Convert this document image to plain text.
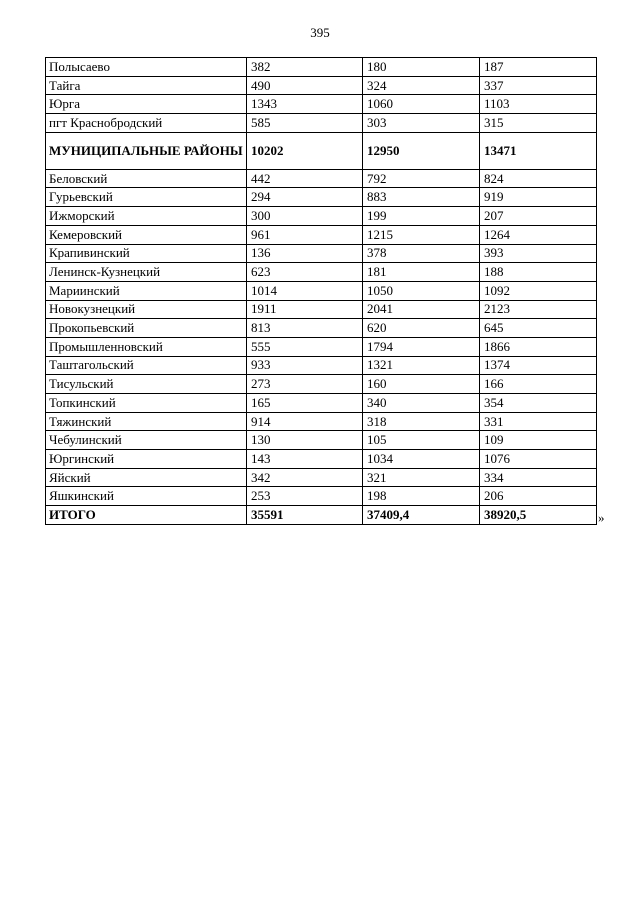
395
Полысаево	382	180	187
Тайга	490	324	337
Юрга	1343	1060	1103
пгт Краснобродский	585	303	315
МУНИЦИПАЛЬНЫЕ РАЙОНЫ	10202	12950	13471
Беловский	442	792	824
Гурьевский	294	883	919
Ижморский	300	199	207
Кемеровский	961	1215	1264
Крапивинский	136	378	393
Ленинск-Кузнецкий	623	181	188
Мариинский	1014	1050	1092
Новокузнецкий	1911	2041	2123
Прокопьевский	813	620	645
Промышленновский	555	1794	1866
Таштагольский	933	1321	1374
Тисульский	273	160	166
Топкинский	165	340	354
Тяжинский	914	318	331
Чебулинский	130	105	109
Юргинский	143	1034	1076
Яйский	342	321	334
Яшкинский	253	198	206
ИТОГО	35591	37409,4	38920,5	»
